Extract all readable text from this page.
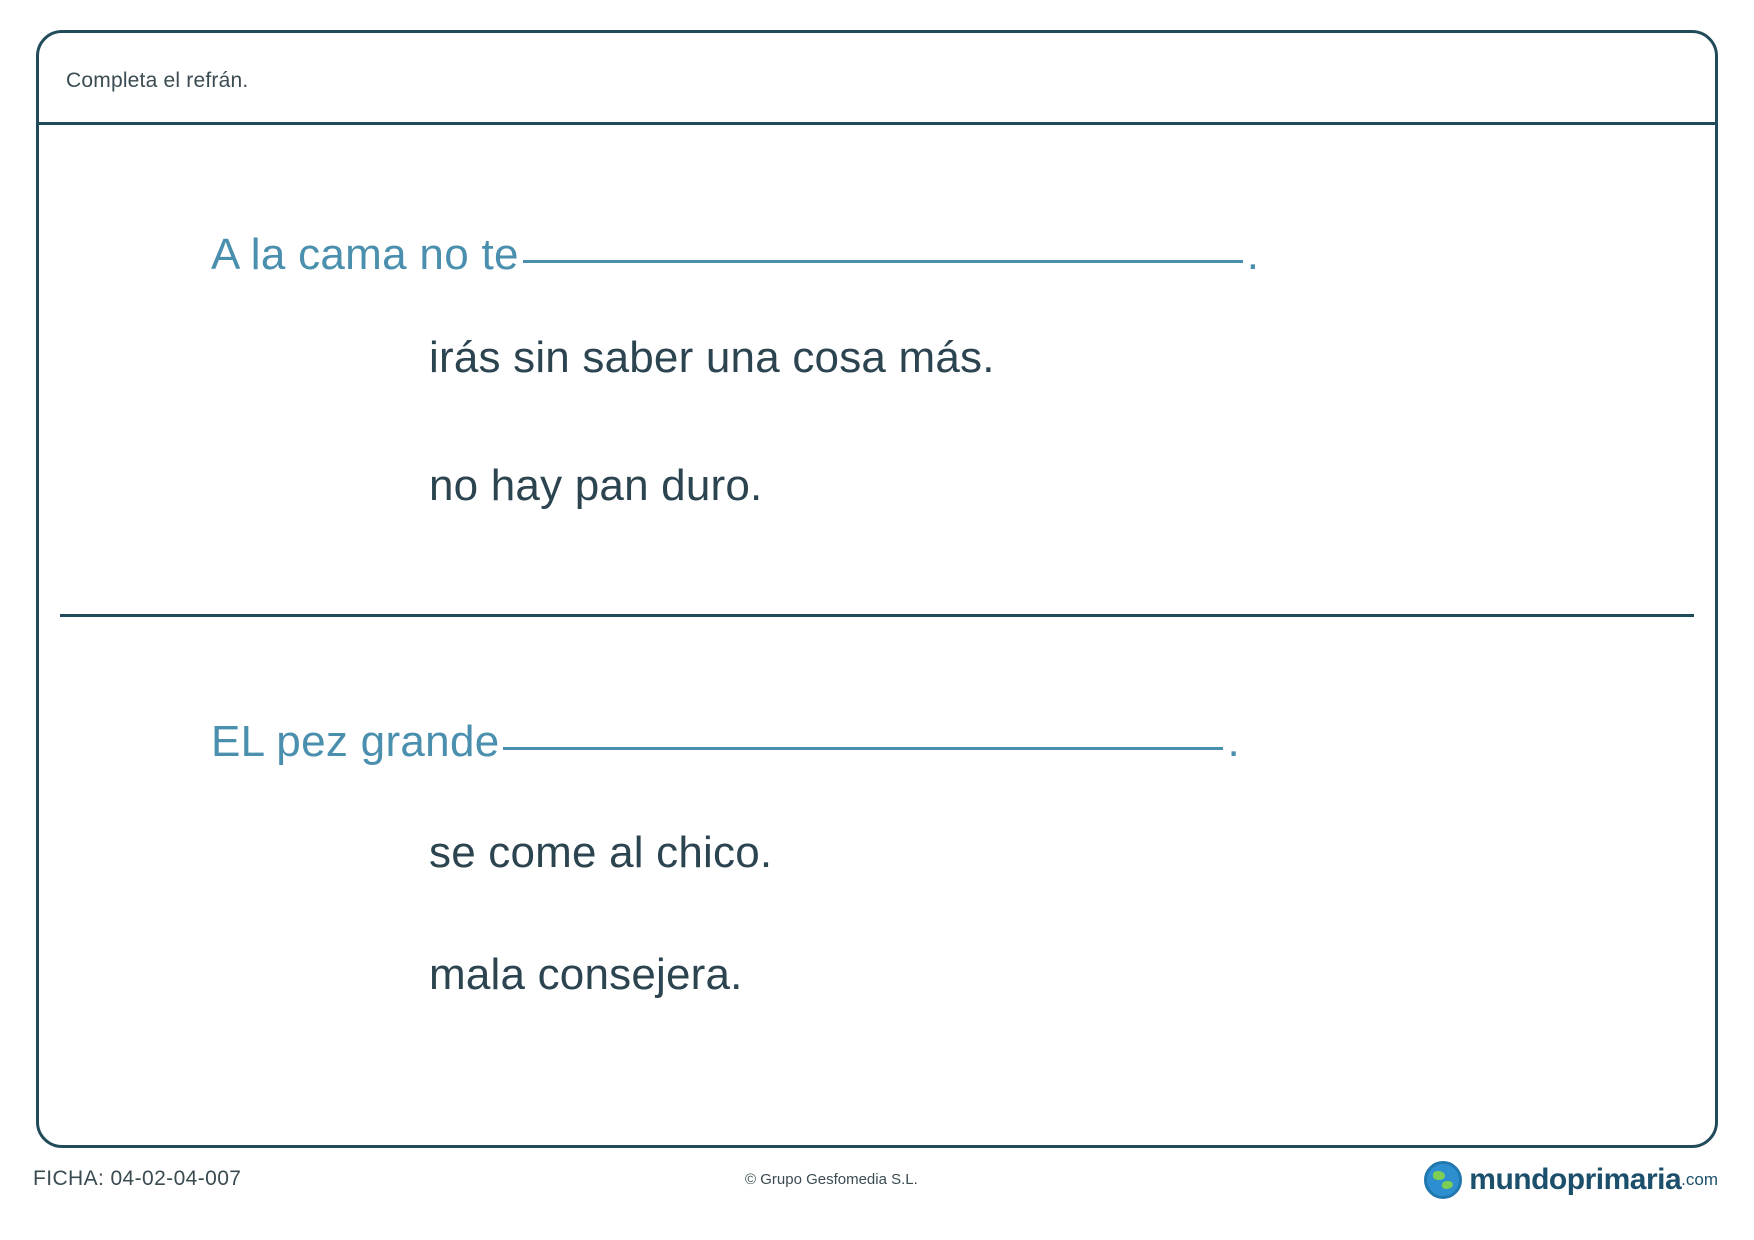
Completa el refrán.
A la cama no te	.
irás sin saber una cosa más.
no hay pan duro.
EL pez grande	.
se come al chico.
mala consejera.
FICHA: 04-02-04-007	© Grupo Gesfomedia S.L.	mundoprimaria .com
